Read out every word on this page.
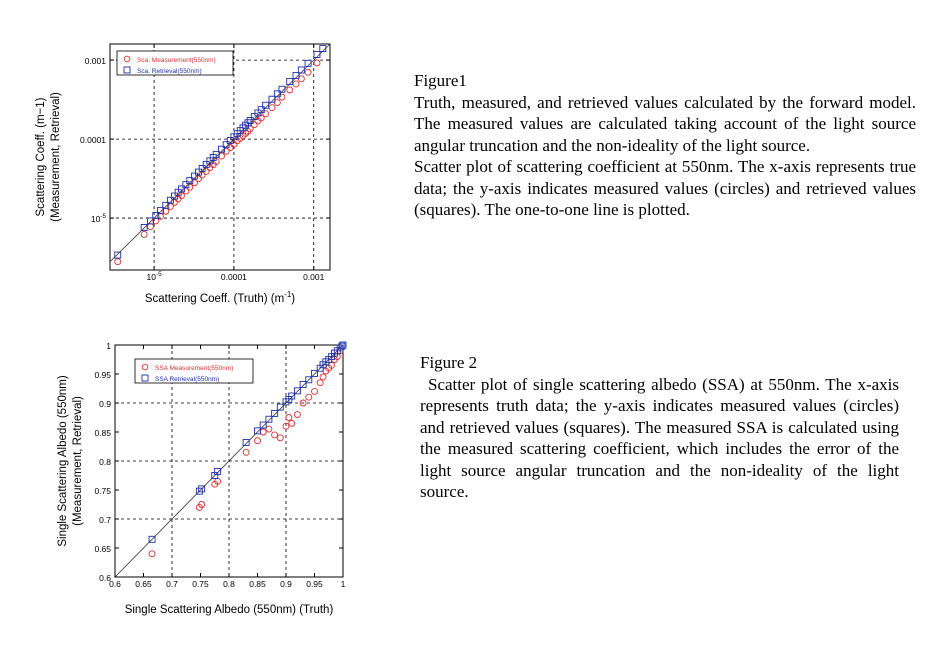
$10^{-5}$	0.0001	0.001
$10^{-5}$
0.0001
0.001	Sca. Measurement(550nm)
Sca. Retrieval(550nm)
Scattering Coeff. (Truth) $(m^{-1})$
Scattering Coeff. (m−1) (Measurement, Retrieval)
0.6 0.65 0.7 0.75 0.8 0.85 0.9 0.95 1
0.6
0.65
0.7
0.75
0.8
0.85
0.9
0.95
1
SSA Measurement(550nm)
SSA Retrieval(550nm)
Single Scattering Albedo (550nm) (Truth)
Single Scattering Albedo (550nm) (Measurement, Retrieval)

Figure1

Truth, measured, and retrieved values calculated by the forward model. The measured values are calculated taking account of the light source angular truncation and the non-ideality of the light source.

Scatter plot of scattering coefficient at 550nm. The x-axis represents true data; the y-axis indicates measured values (circles) and retrieved values (squares). The one-to-one line is plotted.

Figure 2

Scatter plot of single scattering albedo (SSA) at 550nm. The x-axis represents truth data; the y-axis indicates measured values (circles) and retrieved values (squares). The measured SSA is calculated using the measured scattering coefficient, which includes the error of the light source angular truncation and the non-ideality of the light source.
